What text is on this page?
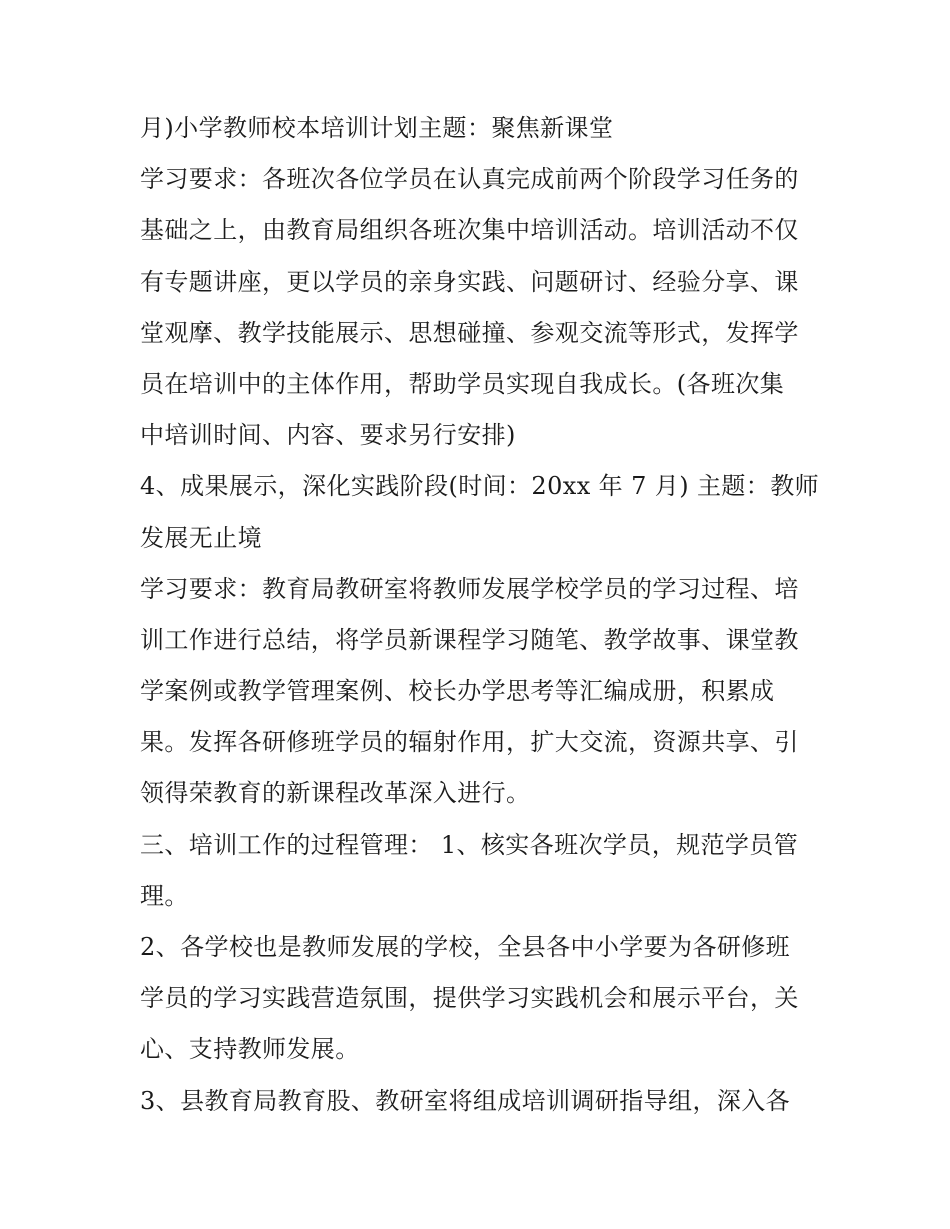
月)小学教师校本培训计划主题：聚焦新课堂
学习要求：各班次各位学员在认真完成前两个阶段学习任务的
基础之上，由教育局组织各班次集中培训活动。培训活动不仅
有专题讲座，更以学员的亲身实践、问题研讨、经验分享、课
堂观摩、教学技能展示、思想碰撞、参观交流等形式，发挥学
员在培训中的主体作用，帮助学员实现自我成长。(各班次集
中培训时间、内容、要求另行安排)
4、成果展示，深化实践阶段(时间：20xx 年 7 月) 主题：教师
发展无止境
学习要求：教育局教研室将教师发展学校学员的学习过程、培
训工作进行总结，将学员新课程学习随笔、教学故事、课堂教
学案例或教学管理案例、校长办学思考等汇编成册，积累成
果。发挥各研修班学员的辐射作用，扩大交流，资源共享、引
领得荣教育的新课程改革深入进行。
三、培训工作的过程管理： 1、核实各班次学员，规范学员管
理。
2、各学校也是教师发展的学校，全县各中小学要为各研修班
学员的学习实践营造氛围，提供学习实践机会和展示平台，关
心、支持教师发展。
3、县教育局教育股、教研室将组成培训调研指导组，深入各
